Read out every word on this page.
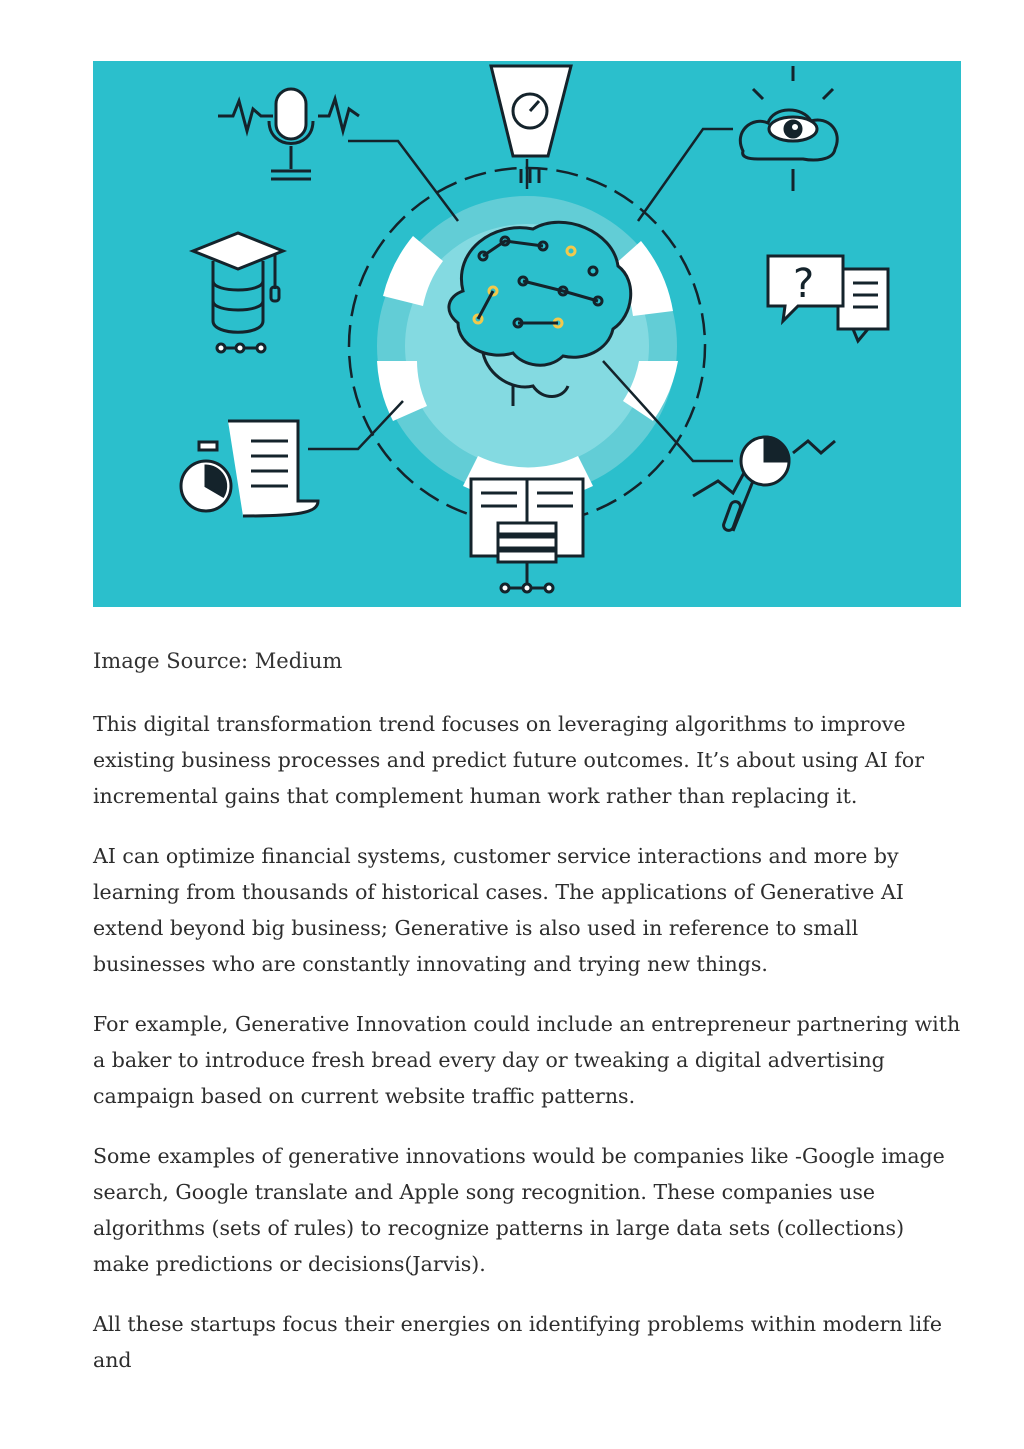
?
Image Source: Medium

This digital transformation trend focuses on leveraging algorithms to improve existing business processes and predict future outcomes. It’s about using AI for incremental gains that complement human work rather than replacing it.

AI can optimize financial systems, customer service interactions and more by learning from thousands of historical cases. The applications of Generative AI extend beyond big business; Generative is also used in reference to small businesses who are constantly innovating and trying new things.

For example, Generative Innovation could include an entrepreneur partnering with a baker to introduce fresh bread every day or tweaking a digital advertising campaign based on current website traffic patterns.

Some examples of generative innovations would be companies like -Google image search, Google translate and Apple song recognition. These companies use algorithms (sets of rules) to recognize patterns in large data sets (collections) make predictions or decisions(Jarvis).

All these startups focus their energies on identifying problems within modern life and
